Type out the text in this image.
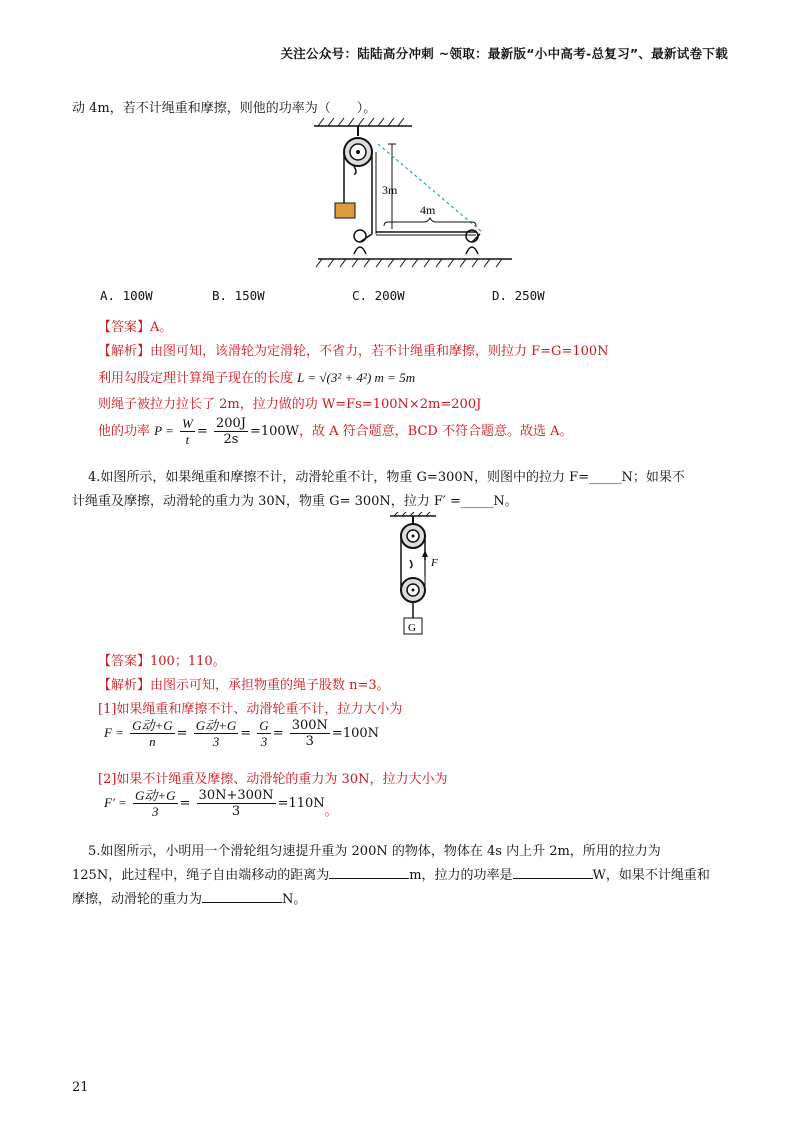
关注公众号：陆陆高分冲刺 ~领取：最新版“小中高考-总复习”、最新试卷下载
动 4m，若不计绳重和摩擦，则他的功率为（　　）。
3m
4m
A. 100W	B. 150W	C. 200W	D. 250W
【答案】A。
【解析】由图可知，该滑轮为定滑轮，不省力，若不计绳重和摩擦，则拉力 F=G=100N
利用勾股定理计算绳子现在的长度 L = √(3² + 4²) m = 5m
则绳子被拉力拉长了 2m，拉力做的功 W=Fs=100N×2m=200J
他的功率 $P = \frac{W}{t} = \frac{200J}{2s} =100W$，故 A 符合题意，BCD 不符合题意。故选 A。
4.如图所示，如果绳重和摩擦不计，动滑轮重不计，物重 G=300N，则图中的拉力 F=_____N；如果不
计绳重及摩擦，动滑轮的重力为 30N，物重 G= 300N，拉力 F′ =_____N。
F
G
【答案】100；110。
【解析】由图示可知，承担物重的绳子股数 n=3。
[1]如果绳重和摩擦不计、动滑轮重不计，拉力大小为
$F = \frac{\text{G动+G}}{n} = \frac{\text{G动+G}}{3} = \frac{G}{3} = \frac{300N}{3} =100N$
[2]如果不计绳重及摩擦、动滑轮的重力为 30N，拉力大小为
$F' = \frac{\text{G动+G}}{3} = \frac{30N+300N}{3} =110N$。
5.如图所示，小明用一个滑轮组匀速提升重为 200N 的物体，物体在 4s 内上升 2m，所用的拉力为
125N，此过程中，绳子自由端移动的距离为	m，拉力的功率是	W，如果不计绳重和
摩擦，动滑轮的重力为	N。
21
